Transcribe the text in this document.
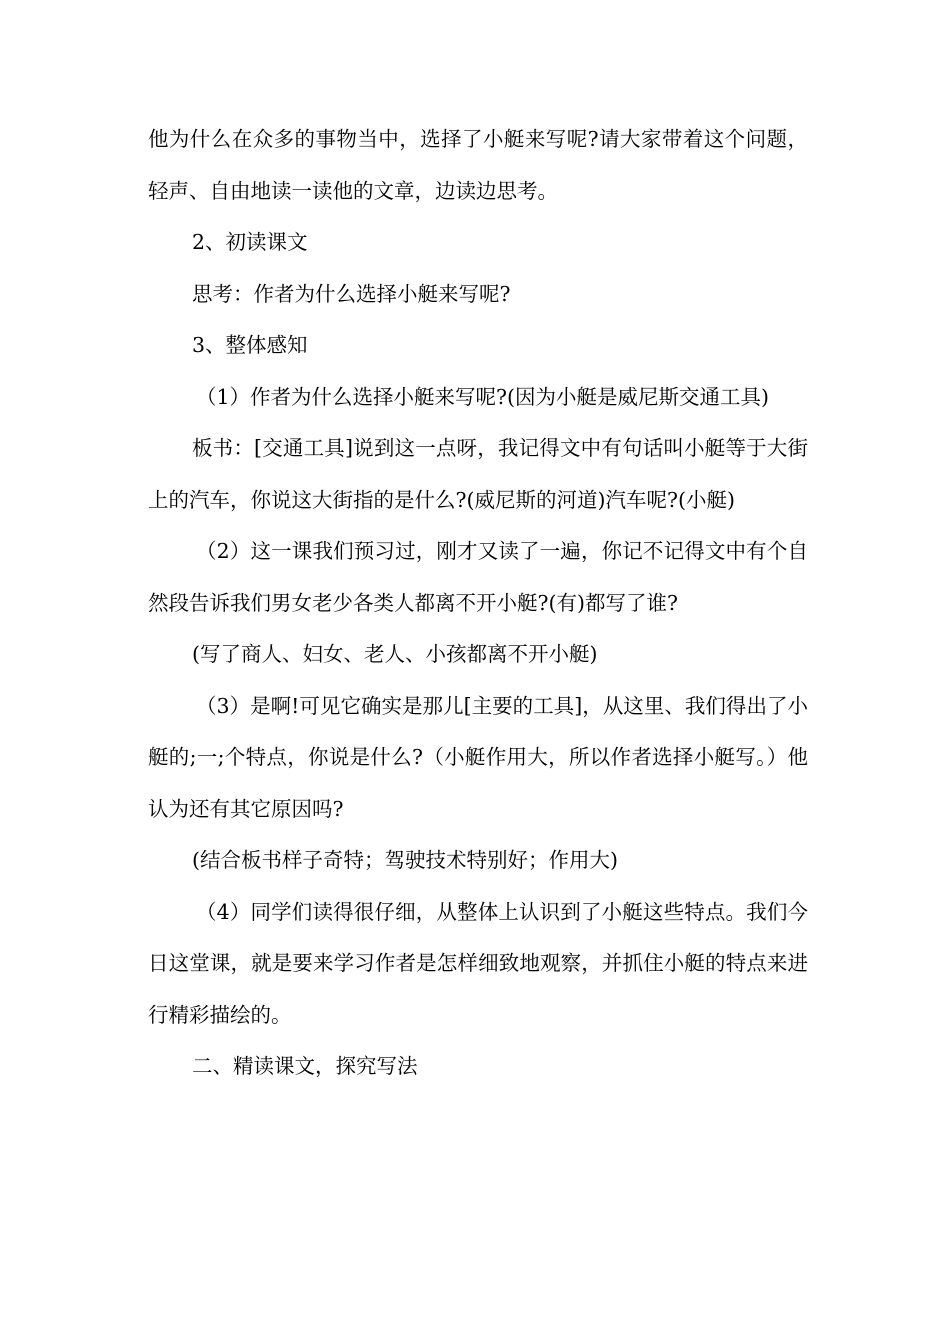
他为什么在众多的事物当中，选择了小艇来写呢?请大家带着这个问题，轻声、自由地读一读他的文章，边读边思考。

2、初读课文

思考：作者为什么选择小艇来写呢?

3、整体感知

（1）作者为什么选择小艇来写呢?(因为小艇是威尼斯交通工具)

板书：[交通工具]说到这一点呀，我记得文中有句话叫小艇等于大街上的汽车，你说这大街指的是什么?(威尼斯的河道)汽车呢?(小艇)

（2）这一课我们预习过，刚才又读了一遍，你记不记得文中有个自然段告诉我们男女老少各类人都离不开小艇?(有)都写了谁?

(写了商人、妇女、老人、小孩都离不开小艇)

（3）是啊!可见它确实是那儿[主要的工具]，从这里、我们得出了小艇的;一;个特点，你说是什么?（小艇作用大，所以作者选择小艇写。）他认为还有其它原因吗?

(结合板书样子奇特；驾驶技术特别好；作用大)

（4）同学们读得很仔细，从整体上认识到了小艇这些特点。我们今日这堂课，就是要来学习作者是怎样细致地观察，并抓住小艇的特点来进行精彩描绘的。

二、精读课文，探究写法
